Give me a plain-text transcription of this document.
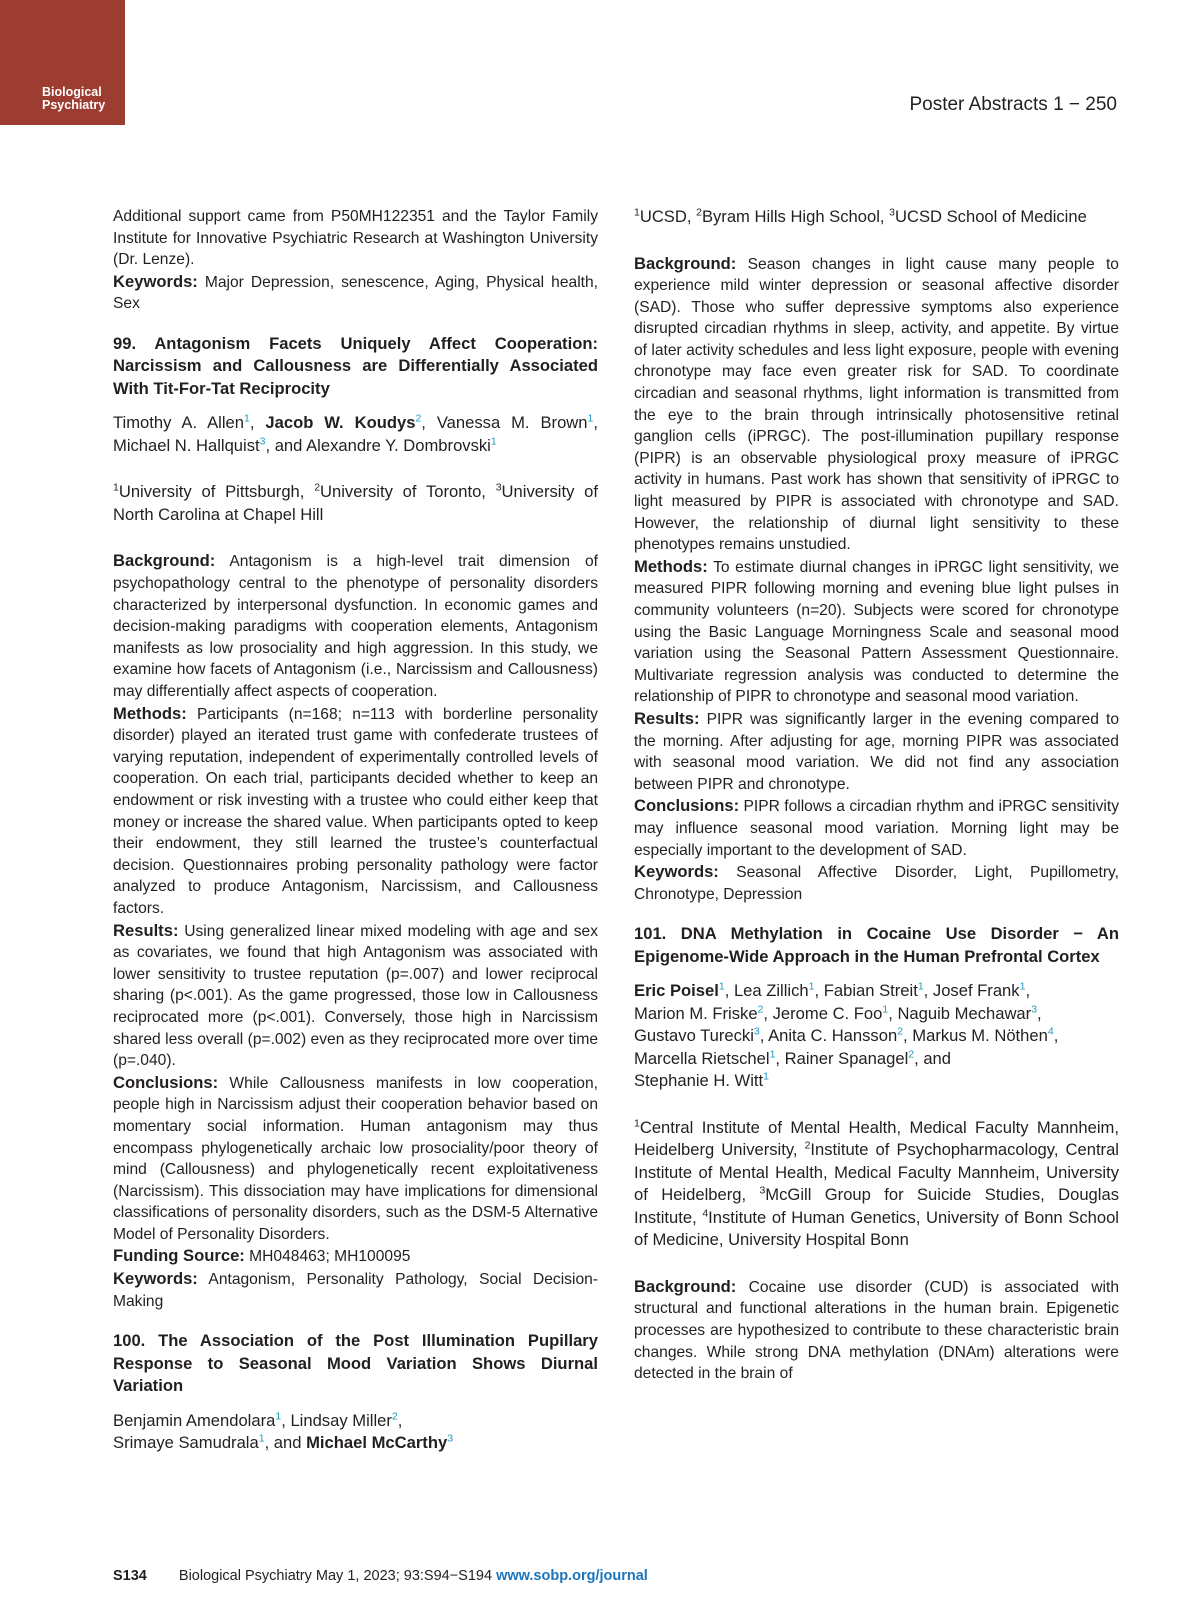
Biological
Psychiatry	Poster Abstracts 1 − 250

Additional support came from P50MH122351 and the Taylor Family Institute for Innovative Psychiatric Research at Washington University (Dr. Lenze).

Keywords: Major Depression, senescence, Aging, Physical health, Sex

99. Antagonism Facets Uniquely Affect Cooperation: Narcissism and Callousness are Differentially Associated With Tit-For-Tat Reciprocity

Timothy A. Allen$^1$, Jacob W. Koudys$^2$, Vanessa M. Brown$^1$, Michael N. Hallquist$^3$, and Alexandre Y. Dombrovski$^1$

$^1$University of Pittsburgh, $^2$University of Toronto, $^3$University of North Carolina at Chapel Hill

Background: Antagonism is a high-level trait dimension of psychopathology central to the phenotype of personality disorders characterized by interpersonal dysfunction. In economic games and decision-making paradigms with cooperation elements, Antagonism manifests as low prosociality and high aggression. In this study, we examine how facets of Antagonism (i.e., Narcissism and Callousness) may differentially affect aspects of cooperation.

Methods: Participants (n=168; n=113 with borderline personality disorder) played an iterated trust game with confederate trustees of varying reputation, independent of experimentally controlled levels of cooperation. On each trial, participants decided whether to keep an endowment or risk investing with a trustee who could either keep that money or increase the shared value. When participants opted to keep their endowment, they still learned the trustee’s counterfactual decision. Questionnaires probing personality pathology were factor analyzed to produce Antagonism, Narcissism, and Callousness factors.

Results: Using generalized linear mixed modeling with age and sex as covariates, we found that high Antagonism was associated with lower sensitivity to trustee reputation (p=.007) and lower reciprocal sharing (p<.001). As the game progressed, those low in Callousness reciprocated more (p<.001). Conversely, those high in Narcissism shared less overall (p=.002) even as they reciprocated more over time (p=.040).

Conclusions: While Callousness manifests in low cooperation, people high in Narcissism adjust their cooperation behavior based on momentary social information. Human antagonism may thus encompass phylogenetically archaic low prosociality/poor theory of mind (Callousness) and phylogenetically recent exploitativeness (Narcissism). This dissociation may have implications for dimensional classifications of personality disorders, such as the DSM-5 Alternative Model of Personality Disorders.

Funding Source: MH048463; MH100095

Keywords: Antagonism, Personality Pathology, Social Decision-Making

100. The Association of the Post Illumination Pupillary Response to Seasonal Mood Variation Shows Diurnal Variation

Benjamin Amendolara$^1$, Lindsay Miller$^2$,
Srimaye Samudrala$^1$, and Michael McCarthy$^3$

$^1$UCSD, $^2$Byram Hills High School, $^3$UCSD School of Medicine

Background: Season changes in light cause many people to experience mild winter depression or seasonal affective disorder (SAD). Those who suffer depressive symptoms also experience disrupted circadian rhythms in sleep, activity, and appetite. By virtue of later activity schedules and less light exposure, people with evening chronotype may face even greater risk for SAD. To coordinate circadian and seasonal rhythms, light information is transmitted from the eye to the brain through intrinsically photosensitive retinal ganglion cells (iPRGC). The post-illumination pupillary response (PIPR) is an observable physiological proxy measure of iPRGC activity in humans. Past work has shown that sensitivity of iPRGC to light measured by PIPR is associated with chronotype and SAD. However, the relationship of diurnal light sensitivity to these phenotypes remains unstudied.

Methods: To estimate diurnal changes in iPRGC light sensitivity, we measured PIPR following morning and evening blue light pulses in community volunteers (n=20). Subjects were scored for chronotype using the Basic Language Morningness Scale and seasonal mood variation using the Seasonal Pattern Assessment Questionnaire. Multivariate regression analysis was conducted to determine the relationship of PIPR to chronotype and seasonal mood variation.

Results: PIPR was significantly larger in the evening compared to the morning. After adjusting for age, morning PIPR was associated with seasonal mood variation. We did not find any association between PIPR and chronotype.

Conclusions: PIPR follows a circadian rhythm and iPRGC sensitivity may influence seasonal mood variation. Morning light may be especially important to the development of SAD.

Keywords: Seasonal Affective Disorder, Light, Pupillometry, Chronotype, Depression

101. DNA Methylation in Cocaine Use Disorder − An Epigenome-Wide Approach in the Human Prefrontal Cortex

Eric Poisel$^1$, Lea Zillich$^1$, Fabian Streit$^1$, Josef Frank$^1$,
Marion M. Friske$^2$, Jerome C. Foo$^1$, Naguib Mechawar$^3$,
Gustavo Turecki$^3$, Anita C. Hansson$^2$, Markus M. Nöthen$^4$,
Marcella Rietschel$^1$, Rainer Spanagel$^2$, and
Stephanie H. Witt$^1$

$^1$Central Institute of Mental Health, Medical Faculty Mannheim, Heidelberg University, $^2$Institute of Psychopharmacology, Central Institute of Mental Health, Medical Faculty Mannheim, University of Heidelberg, $^3$McGill Group for Suicide Studies, Douglas Institute, $^4$Institute of Human Genetics, University of Bonn School of Medicine, University Hospital Bonn

Background: Cocaine use disorder (CUD) is associated with structural and functional alterations in the human brain. Epigenetic processes are hypothesized to contribute to these characteristic brain changes. While strong DNA methylation (DNAm) alterations were detected in the brain of

S134 Biological Psychiatry May 1, 2023; 93:S94−S194 www.sobp.org/journal
